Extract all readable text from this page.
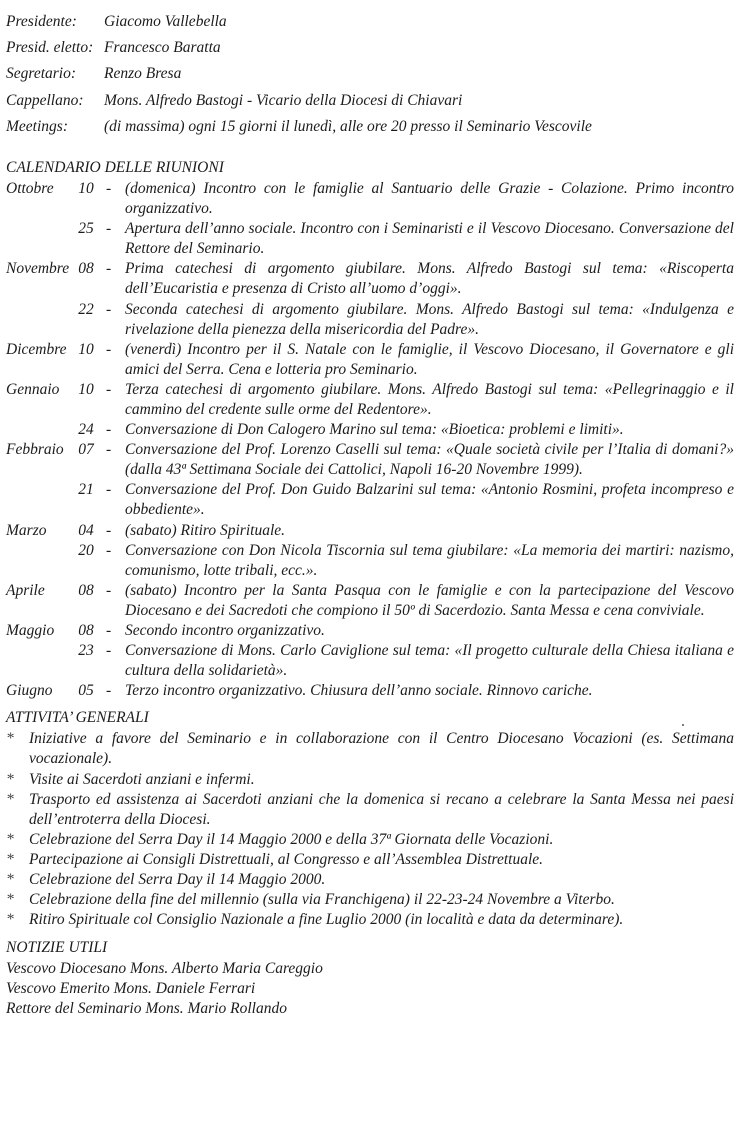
Presidente:	Giacomo Vallebella
Presid. eletto: Francesco Baratta
Segretario:	Renzo Bresa
Cappellano:	Mons. Alfredo Bastogi - Vicario della Diocesi di Chiavari
Meetings:	(di massima) ogni 15 giorni il lunedì, alle ore 20 presso il Seminario Vescovile
CALENDARIO DELLE RIUNIONI
Ottobre	10 - (domenica) Incontro con le famiglie al Santuario delle Grazie - Colazione. Primo incontro organizzativo.
25 - Apertura dell’anno sociale. Incontro con i Seminaristi e il Vescovo Diocesano. Conversazione del Rettore del Seminario.
Novembre 08 - Prima catechesi di argomento giubilare. Mons. Alfredo Bastogi sul tema: «Riscoperta dell’Eucaristia e presenza di Cristo all’uomo d’oggi».
22 - Seconda catechesi di argomento giubilare. Mons. Alfredo Bastogi sul tema: «Indulgenza e rivelazione della pienezza della misericordia del Padre».
Dicembre 10 - (venerdì) Incontro per il S. Natale con le famiglie, il Vescovo Diocesano, il Governatore e gli amici del Serra. Cena e lotteria pro Seminario.
Gennaio	10 - Terza catechesi di argomento giubilare. Mons. Alfredo Bastogi sul tema: «Pellegrinaggio e il cammino del credente sulle orme del Redentore».
24 - Conversazione di Don Calogero Marino sul tema: «Bioetica: problemi e limiti».
Febbraio 07 - Conversazione del Prof. Lorenzo Caselli sul tema: «Quale società civile per l’Italia di domani?» (dalla 43ª Settimana Sociale dei Cattolici, Napoli 16-20 Novembre 1999).
21 - Conversazione del Prof. Don Guido Balzarini sul tema: «Antonio Rosmini, profeta incompreso e obbediente».
Marzo	04 - (sabato) Ritiro Spirituale.
20 - Conversazione con Don Nicola Tiscornia sul tema giubilare: «La memoria dei martiri: nazismo, comunismo, lotte tribali, ecc.».
Aprile	08 - (sabato) Incontro per la Santa Pasqua con le famiglie e con la partecipazione del Vescovo Diocesano e dei Sacredoti che compiono il 50º di Sacerdozio. Santa Messa e cena conviviale.
Maggio	08 - Secondo incontro organizzativo.
23 - Conversazione di Mons. Carlo Caviglione sul tema: «Il progetto culturale della Chiesa italiana e cultura della solidarietà».
Giugno	05 - Terzo incontro organizzativo. Chiusura dell’anno sociale. Rinnovo cariche.
ATTIVITA’ GENERALI
* Iniziative a favore del Seminario e in collaborazione con il Centro Diocesano Vocazioni (es. Settimana vocazionale).
* Visite ai Sacerdoti anziani e infermi.
* Trasporto ed assistenza ai Sacerdoti anziani che la domenica si recano a celebrare la Santa Messa nei paesi dell’entroterra della Diocesi.
* Celebrazione del Serra Day il 14 Maggio 2000 e della 37ª Giornata delle Vocazioni.
* Partecipazione ai Consigli Distrettuali, al Congresso e all’Assemblea Distrettuale.
* Celebrazione del Serra Day il 14 Maggio 2000.
* Celebrazione della fine del millennio (sulla via Franchigena) il 22-23-24 Novembre a Viterbo.
* Ritiro Spirituale col Consiglio Nazionale a fine Luglio 2000 (in località e data da determinare).
NOTIZIE UTILI
Vescovo Diocesano Mons. Alberto Maria Careggio
Vescovo Emerito Mons. Daniele Ferrari
Rettore del Seminario Mons. Mario Rollando
